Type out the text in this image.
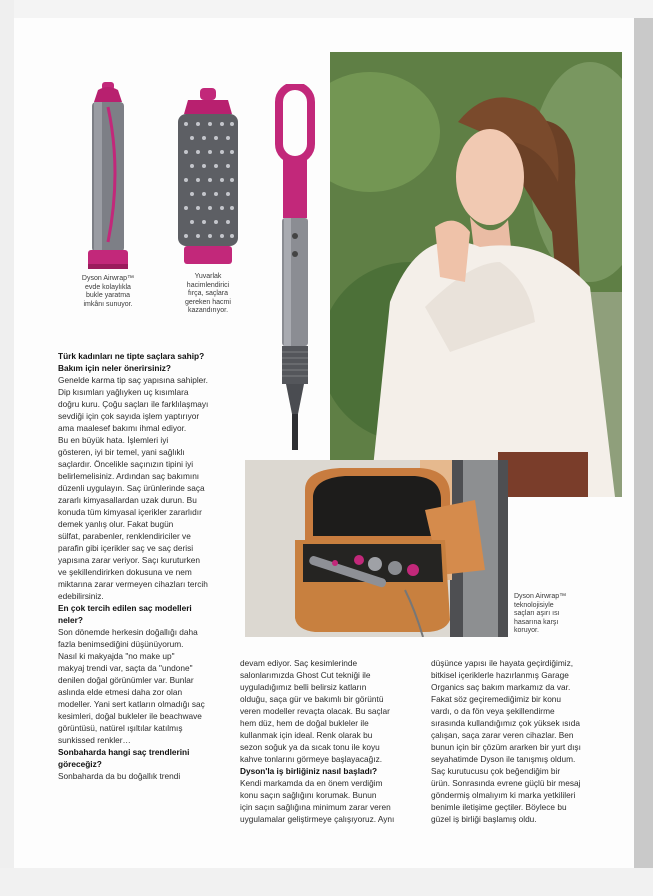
Dyson Airwrap™
evde kolaylıkla
bukle yaratma
imkânı sunuyor.
Yuvarlak
hacimlendirici
fırça, saçlara
gereken hacmi
kazandırıyor.
Dyson Airwrap™
teknolojisiyle
saçları aşırı ısı
hasarına karşı
koruyor.

Türk kadınları ne tipte saçlara sahip?

Bakım için neler önerirsiniz?

Genelde karma tip saç yapısına sahipler.

Dip kısımları yağlıyken uç kısımlara

doğru kuru. Çoğu saçları ile farklılaşmayı

sevdiği için çok sayıda işlem yaptırıyor

ama maalesef bakımı ihmal ediyor.

Bu en büyük hata. İşlemleri iyi

gösteren, iyi bir temel, yani sağlıklı

saçlardır. Öncelikle saçınızın tipini iyi

belirlemelisiniz. Ardından saç bakımını

düzenli uygulayın. Saç ürünlerinde saça

zararlı kimyasallardan uzak durun. Bu

konuda tüm kimyasal içerikler zararlıdır

demek yanlış olur. Fakat bugün

sülfat, parabenler, renklendiriciler ve

parafin gibi içerikler saç ve saç derisi

yapısına zarar veriyor. Saçı kuruturken

ve şekillendirirken dokusuna ve nem

miktarına zarar vermeyen cihazları tercih

edebilirsiniz.

En çok tercih edilen saç modelleri

neler?

Son dönemde herkesin doğallığı daha

fazla benimsediğini düşünüyorum.

Nasıl ki makyajda "no make up"

makyaj trendi var, saçta da "undone"

denilen doğal görünümler var. Bunlar

aslında elde etmesi daha zor olan

modeller. Yani sert katların olmadığı saç

kesimleri, doğal bukleler ile beachwave

görüntüsü, natürel ışıltılar katılmış

sunkissed renkler…

Sonbaharda hangi saç trendlerini

göreceğiz?

Sonbaharda da bu doğallık trendi

devam ediyor. Saç kesimlerinde

salonlarımızda Ghost Cut tekniği ile

uyguladığımız belli belirsiz katların

olduğu, saça gür ve bakımlı bir görüntü

veren modeller revaçta olacak. Bu saçlar

hem düz, hem de doğal bukleler ile

kullanmak için ideal. Renk olarak bu

sezon soğuk ya da sıcak tonu ile koyu

kahve tonlarını görmeye başlayacağız.

Dyson'la iş birliğiniz nasıl başladı?

Kendi markamda da en önem verdiğim

konu saçın sağlığını korumak. Bunun

için saçın sağlığına minimum zarar veren

uygulamalar geliştirmeye çalışıyoruz. Aynı

düşünce yapısı ile hayata geçirdiğimiz,

bitkisel içeriklerle hazırlanmış Garage

Organics saç bakım markamız da var.

Fakat söz geçiremediğimiz bir konu

vardı, o da fön veya şekillendirme

sırasında kullandığımız çok yüksek ısıda

çalışan, saça zarar veren cihazlar. Ben

bunun için bir çözüm ararken bir yurt dışı

seyahatimde Dyson ile tanışmış oldum.

Saç kurutucusu çok beğendiğim bir

ürün. Sonrasında evrene güçlü bir mesaj

göndermiş olmalıyım ki marka yetkilileri

benimle iletişime geçtiler. Böylece bu

güzel iş birliği başlamış oldu.
